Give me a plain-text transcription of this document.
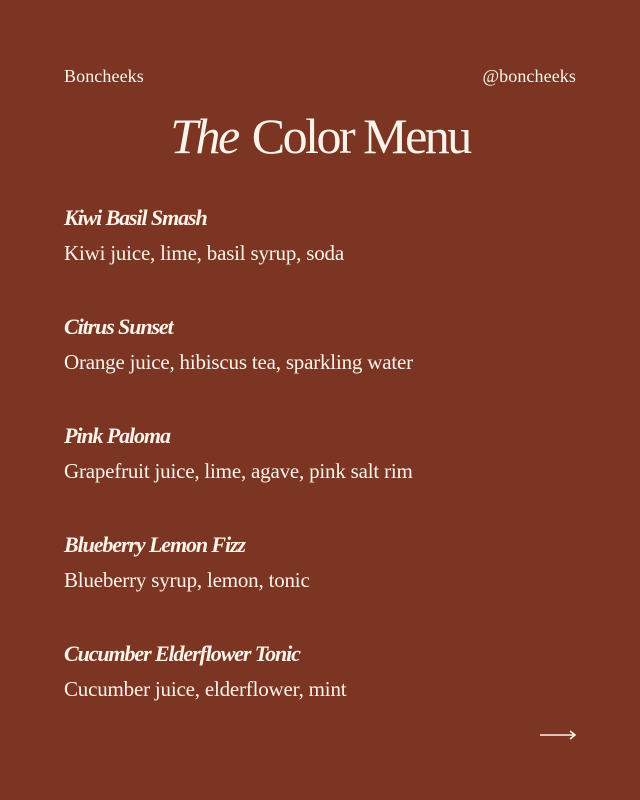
Boncheeks	@boncheeks
The Color Menu
Kiwi Basil Smash
Kiwi juice, lime, basil syrup, soda
Citrus Sunset
Orange juice, hibiscus tea, sparkling water
Pink Paloma
Grapefruit juice, lime, agave, pink salt rim
Blueberry Lemon Fizz
Blueberry syrup, lemon, tonic
Cucumber Elderflower Tonic
Cucumber juice, elderflower, mint
